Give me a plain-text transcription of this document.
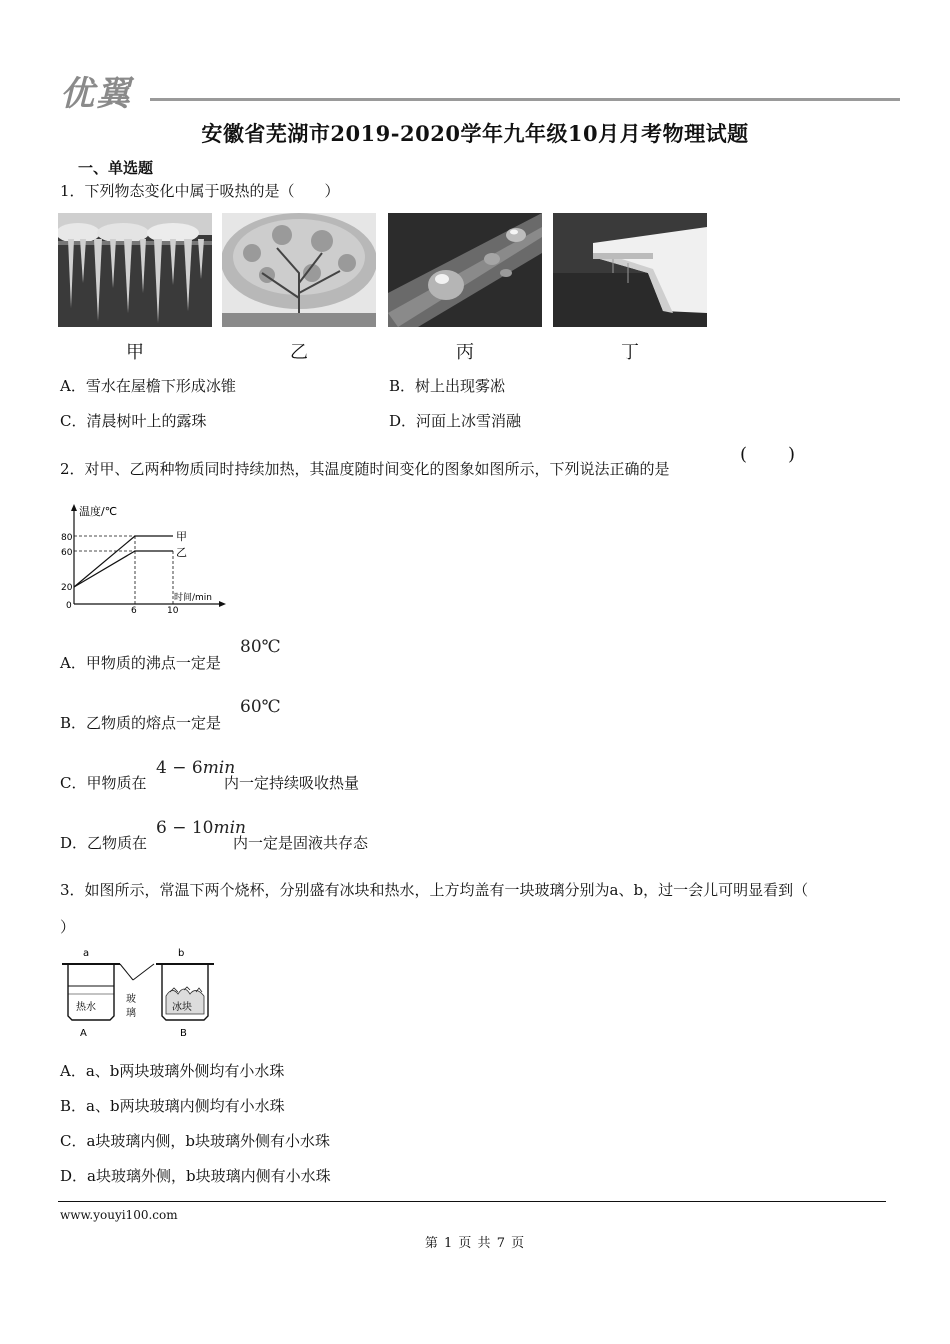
优翼
安徽省芜湖市2019-2020学年九年级10月月考物理试题
一、单选题
1．下列物态变化中属于吸热的是（　　）
甲	乙	丙	丁
A．雪水在屋檐下形成冰锥	B．树上出现雾凇
C．清晨树叶上的露珠	D．河面上冰雪消融
2．对甲、乙两种物质同时持续加热，其温度随时间变化的图象如图所示，下列说法正确的是
( )
温度/℃
时间/min
80
60
20
0	6	10
甲
乙
A．甲物质的沸点一定是
80℃
B．乙物质的熔点一定是
60℃
C．甲物质在
4 − 6min
内一定持续吸收热量
D．乙物质在
6 − 10min
内一定是固液共存态
3．如图所示，常温下两个烧杯，分别盛有冰块和热水，上方均盖有一块玻璃分别为a、b，过一会儿可明显看到（
）
a	b
热水
玻
璃
冰块
A	B
A．a、b两块玻璃外侧均有小水珠
B．a、b两块玻璃内侧均有小水珠
C．a块玻璃内侧，b块玻璃外侧有小水珠
D．a块玻璃外侧，b块玻璃内侧有小水珠
www.youyi100.com
第 1 页 共 7 页
